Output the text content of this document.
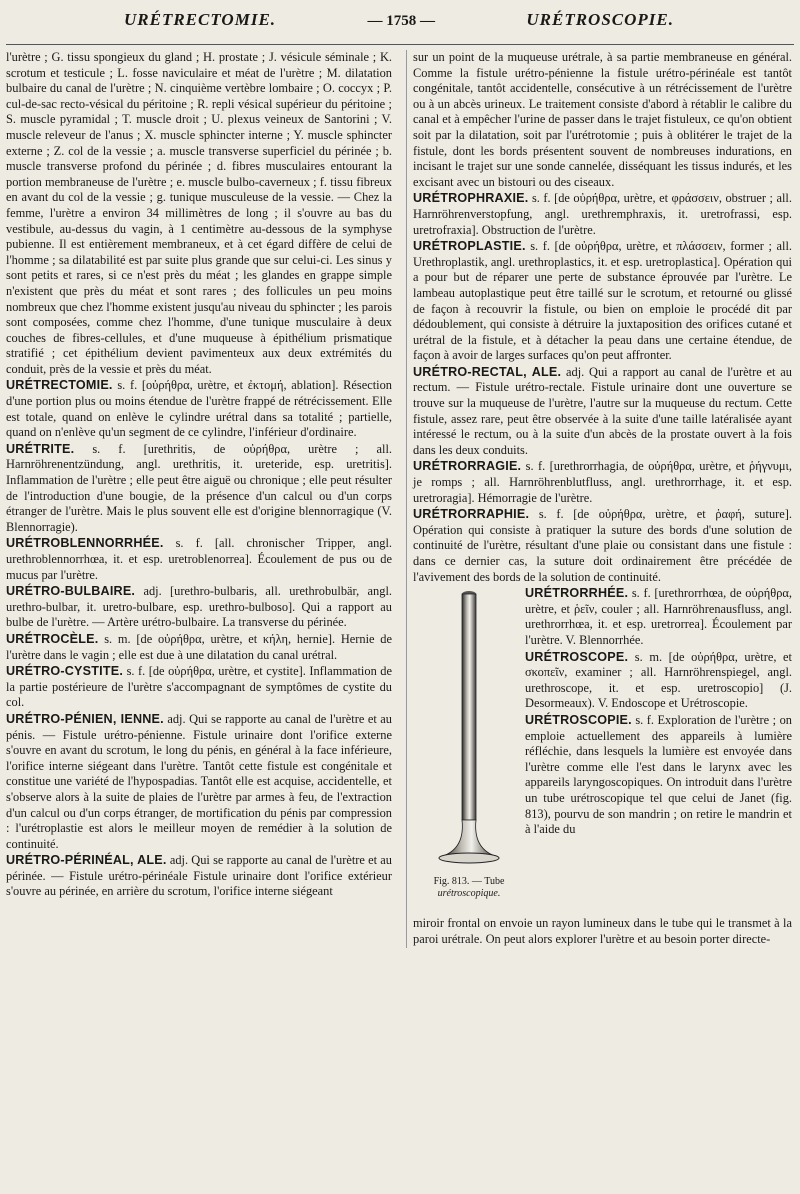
URÉTRECTOMIE.	— 1758 —	URÉTROSCOPIE.

l'urètre ; G. tissu spongieux du gland ; H. prostate ; J. vésicule séminale ; K. scrotum et testicule ; L. fosse naviculaire et méat de l'urètre ; M. dilatation bulbaire du canal de l'urètre ; N. cinquième vertèbre lombaire ; O. coccyx ; P. cul-de-sac recto-vésical du péritoine ; R. repli vésical supérieur du péritoine ; S. muscle pyramidal ; T. muscle droit ; U. plexus veineux de Santorini ; V. muscle releveur de l'anus ; X. muscle sphincter interne ; Y. muscle sphincter externe ; Z. col de la vessie ; a. muscle transverse superficiel du périnée ; b. muscle transverse profond du périnée ; d. fibres musculaires entourant la portion membraneuse de l'urètre ; e. muscle bulbo-caverneux ; f. tissu fibreux en avant du col de la vessie ; g. tunique musculeuse de la vessie. — Chez la femme, l'urètre a environ 34 millimètres de long ; il s'ouvre au bas du vestibule, au-dessus du vagin, à 1 centimètre au-dessous de la symphyse pubienne. Il est entièrement membraneux, et à cet égard diffère de celui de l'homme ; sa dilatabilité est par suite plus grande que sur celui-ci. Les sinus y sont petits et rares, si ce n'est près du méat ; les glandes en grappe simple n'existent que près du méat et sont rares ; des follicules un peu moins nombreux que chez l'homme existent jusqu'au niveau du sphincter ; les parois sont composées, comme chez l'homme, d'une tunique musculaire à deux couches de fibres-cellules, et d'une muqueuse à épithélium prismatique stratifié ; cet épithélium devient pavimenteux aux deux extrémités du conduit, près de la vessie et près du méat.

URÉTRECTOMIE. s. f. [οὐρήθρα, urètre, et ἐκτομή, ablation]. Résection d'une portion plus ou moins étendue de l'urètre frappé de rétrécissement. Elle est totale, quand on enlève le cylindre urétral dans sa totalité ; partielle, quand on n'enlève qu'un segment de ce cylindre, l'inférieur d'ordinaire.

URÉTRITE. s. f. [urethritis, de οὐρήθρα, urètre ; all. Harnröhrenentzündung, angl. urethritis, it. ureteride, esp. uretritis]. Inflammation de l'urètre ; elle peut être aiguë ou chronique ; elle peut résulter de l'introduction d'une bougie, de la présence d'un calcul ou d'un corps étranger de l'urètre. Mais le plus souvent elle est d'origine blennorragique (V. Blennorragie).

URÉTROBLENNORRHÉE. s. f. [all. chronischer Tripper, angl. urethroblennorrhœa, it. et esp. uretroblenorrea]. Écoulement de pus ou de mucus par l'urètre.

URÉTRO-BULBAIRE. adj. [urethro-bulbaris, all. urethrobulbär, angl. urethro-bulbar, it. uretro-bulbare, esp. urethro-bulboso]. Qui a rapport au bulbe de l'urètre. — Artère urétro-bulbaire. La transverse du périnée.

URÉTROCÈLE. s. m. [de οὐρήθρα, urètre, et κήλη, hernie]. Hernie de l'urètre dans le vagin ; elle est due à une dilatation du canal urétral.

URÉTRO-CYSTITE. s. f. [de οὐρήθρα, urètre, et cystite]. Inflammation de la partie postérieure de l'urètre s'accompagnant de symptômes de cystite du col.

URÉTRO-PÉNIEN, IENNE. adj. Qui se rapporte au canal de l'urètre et au pénis. — Fistule urétro-pénienne. Fistule urinaire dont l'orifice externe s'ouvre en avant du scrotum, le long du pénis, en général à la face inférieure, l'orifice interne siégeant dans l'urètre. Tantôt cette fistule est congénitale et constitue une variété de l'hypospadias. Tantôt elle est acquise, accidentelle, et s'observe alors à la suite de plaies de l'urètre par armes à feu, de l'extraction d'un calcul ou d'un corps étranger, de mortification du pénis par compression : l'urétroplastie est alors le meilleur moyen de remédier à la solution de continuité.

URÉTRO-PÉRINÉAL, ALE. adj. Qui se rapporte au canal de l'urètre et au périnée. — Fistule urétro-périnéale Fistule urinaire dont l'orifice extérieur s'ouvre au périnée, en arrière du scrotum, l'orifice interne siégeant

sur un point de la muqueuse urétrale, à sa partie membraneuse en général. Comme la fistule urétro-pénienne la fistule urétro-périnéale est tantôt congénitale, tantôt accidentelle, consécutive à un rétrécissement de l'urètre ou à un abcès urineux. Le traitement consiste d'abord à rétablir le calibre du canal et à empêcher l'urine de passer dans le trajet fistuleux, ce qu'on obtient soit par la dilatation, soit par l'urétrotomie ; puis à oblitérer le trajet de la fistule, dont les bords présentent souvent de nombreuses indurations, en incisant le trajet sur une sonde cannelée, disséquant les tissus indurés, et les excisant avec un bistouri ou des ciseaux.

URÉTROPHRAXIE. s. f. [de οὐρήθρα, urètre, et φράσσειν, obstruer ; all. Harnröhrenverstopfung, angl. urethremphraxis, it. uretrofrassi, esp. uretrofraxia]. Obstruction de l'urètre.

URÉTROPLASTIE. s. f. [de οὐρήθρα, urètre, et πλάσσειν, former ; all. Urethroplastik, angl. urethroplastics, it. et esp. uretroplastica]. Opération qui a pour but de réparer une perte de substance éprouvée par l'urètre. Le lambeau autoplastique peut être taillé sur le scrotum, et retourné ou glissé de façon à recouvrir la fistule, ou bien on emploie le procédé dit par dédoublement, qui consiste à détruire la juxtaposition des orifices cutané et urétral de la fistule, et à détacher la peau dans une certaine étendue, de façon à avoir de larges surfaces qu'on peut affronter.

URÉTRO-RECTAL, ALE. adj. Qui a rapport au canal de l'urètre et au rectum. — Fistule urétro-rectale. Fistule urinaire dont une ouverture se trouve sur la muqueuse de l'urètre, l'autre sur la muqueuse du rectum. Cette fistule, assez rare, peut être observée à la suite d'une taille latéralisée ayant intéressé le rectum, ou à la suite d'un abcès de la prostate ouvert à la fois dans les deux conduits.

URÉTRORRAGIE. s. f. [urethrorrhagia, de οὐρήθρα, urètre, et ῥήγνυμι, je romps ; all. Harnröhrenblutfluss, angl. urethrorrhage, it. et esp. uretroragia]. Hémorragie de l'urètre.

URÉTRORRAPHIE. s. f. [de οὐρήθρα, urètre, et ῥαφή, suture]. Opération qui consiste à pratiquer la suture des bords d'une solution de continuité de l'urètre, résultant d'une plaie ou consistant dans une fistule : dans ce dernier cas, la suture doit ordinairement être précédée de l'avivement des bords de la solution de continuité.

Fig. 813. — Tube
urétroscopique.

URÉTRORRHÉE. s. f. [urethrorrhœa, de οὐρήθρα, urètre, et ῥεῖν, couler ; all. Harnröhrenausfluss, angl. urethrorrhœa, it. et esp. uretrorrea]. Écoulement par l'urètre. V. Blennorrhée.

URÉTROSCOPE. s. m. [de οὐρήθρα, urètre, et σκοπεῖν, examiner ; all. Harnröhrenspiegel, angl. urethroscope, it. et esp. uretroscopio] (J. Desormeaux). V. Endoscope et Urétroscopie.

URÉTROSCOPIE. s. f. Exploration de l'urètre ; on emploie actuellement des appareils à lumière réfléchie, dans lesquels la lumière est envoyée dans l'urètre comme elle l'est dans le larynx avec les appareils laryngoscopiques. On introduit dans l'urètre un tube urétroscopique tel que celui de Janet (fig. 813), pourvu de son mandrin ; on retire le mandrin et à l'aide du

miroir frontal on envoie un rayon lumineux dans le tube qui le transmet à la paroi urétrale. On peut alors explorer l'urètre et au besoin porter directe-
